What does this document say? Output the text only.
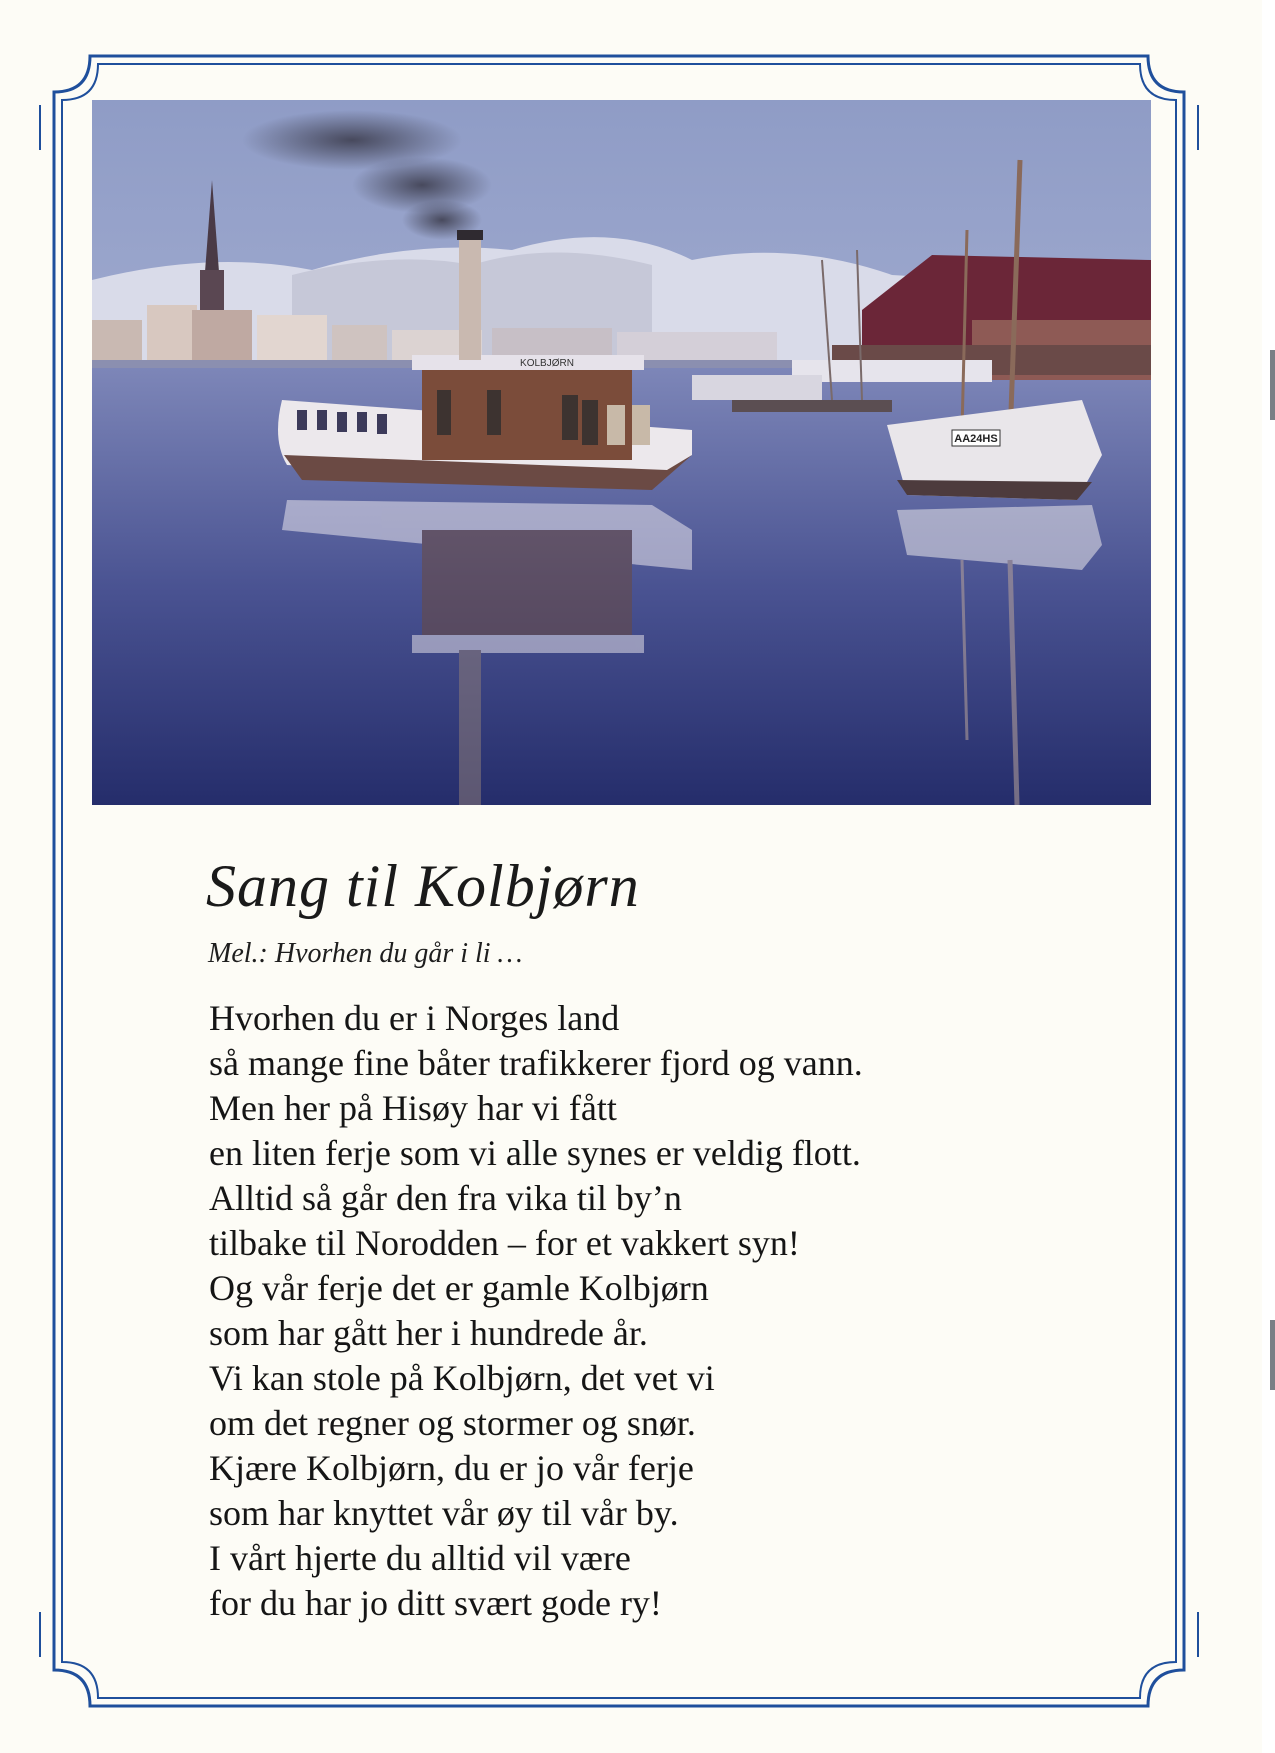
AA24HS
KOLBJØRN
Sang til Kolbjørn

Mel.: Hvorhen du går i li …

Hvorhen du er i Norges land
så mange fine båter trafikkerer fjord og vann.
Men her på Hisøy har vi fått
en liten ferje som vi alle synes er veldig flott.
Alltid så går den fra vika til by’n
tilbake til Norodden – for et vakkert syn!
Og vår ferje det er gamle Kolbjørn
som har gått her i hundrede år.
Vi kan stole på Kolbjørn, det vet vi
om det regner og stormer og snør.
Kjære Kolbjørn, du er jo vår ferje
som har knyttet vår øy til vår by.
I vårt hjerte du alltid vil være
for du har jo ditt svært gode ry!
